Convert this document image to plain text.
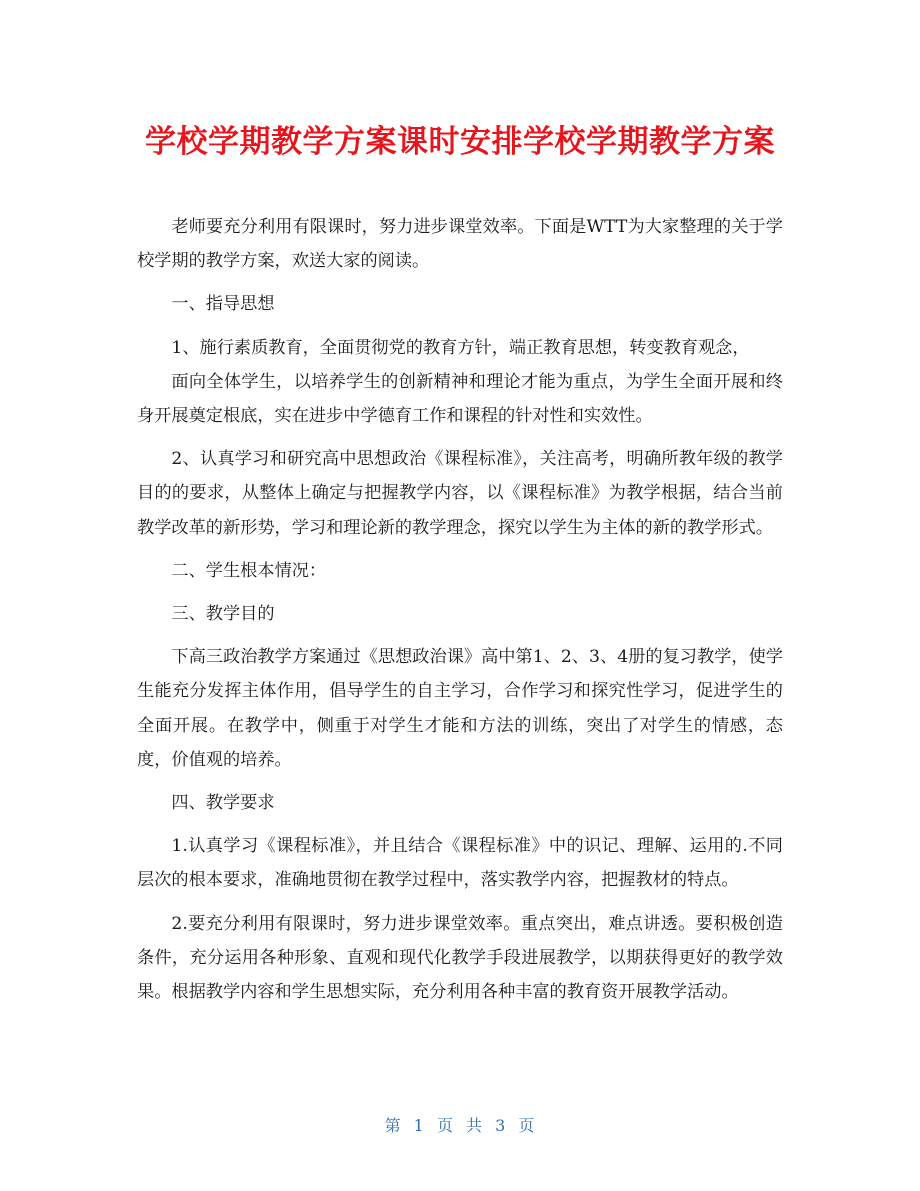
学校学期教学方案课时安排学校学期教学方案

老师要充分利用有限课时，努力进步课堂效率。下面是WTT为大家整理的关于学校学期的教学方案，欢送大家的阅读。

一、指导思想

1、施行素质教育，全面贯彻党的教育方针，端正教育思想，转变教育观念，

面向全体学生，以培养学生的创新精神和理论才能为重点，为学生全面开展和终身开展奠定根底，实在进步中学德育工作和课程的针对性和实效性。

2、认真学习和研究高中思想政治《课程标准》，关注高考，明确所教年级的教学目的的要求，从整体上确定与把握教学内容，以《课程标准》为教学根据，结合当前教学改革的新形势，学习和理论新的教学理念，探究以学生为主体的新的教学形式。

二、学生根本情况：

三、教学目的

下高三政治教学方案通过《思想政治课》高中第1、2、3、4册的复习教学，使学生能充分发挥主体作用，倡导学生的自主学习，合作学习和探究性学习，促进学生的全面开展。在教学中，侧重于对学生才能和方法的训练，突出了对学生的情感，态度，价值观的培养。

四、教学要求

1.认真学习《课程标准》，并且结合《课程标准》中的识记、理解、运用的.不同层次的根本要求，准确地贯彻在教学过程中，落实教学内容，把握教材的特点。

2.要充分利用有限课时，努力进步课堂效率。重点突出，难点讲透。要积极创造条件，充分运用各种形象、直观和现代化教学手段进展教学，以期获得更好的教学效果。根据教学内容和学生思想实际，充分利用各种丰富的教育资开展教学活动。

第 1 页 共 3 页
